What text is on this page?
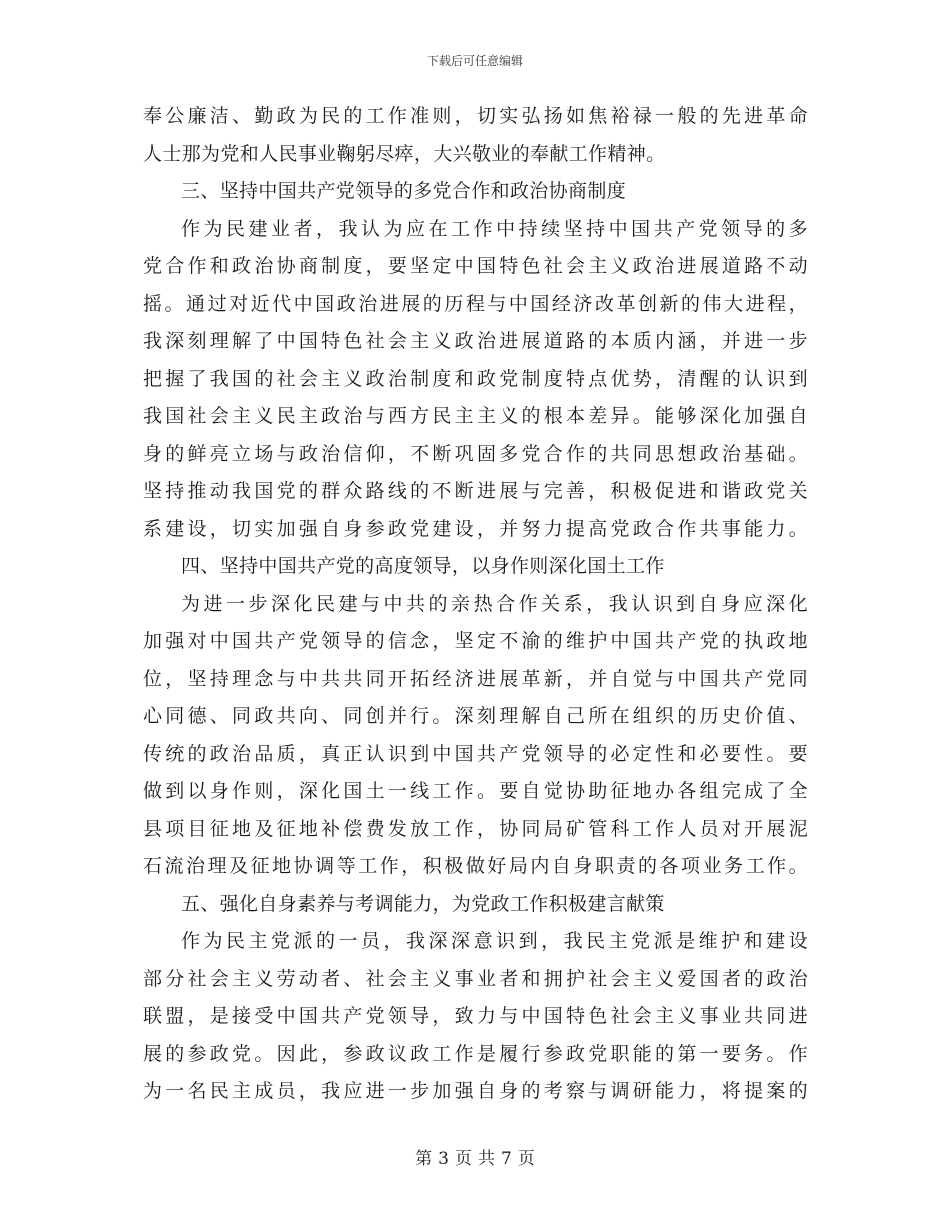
下载后可任意编辑
奉公廉洁、勤政为民的工作准则，切实弘扬如焦裕禄一般的先进革命
人士那为党和人民事业鞠躬尽瘁，大兴敬业的奉献工作精神。
三、坚持中国共产党领导的多党合作和政治协商制度
作为民建业者，我认为应在工作中持续坚持中国共产党领导的多
党合作和政治协商制度，要坚定中国特色社会主义政治进展道路不动
摇。通过对近代中国政治进展的历程与中国经济改革创新的伟大进程，
我深刻理解了中国特色社会主义政治进展道路的本质内涵，并进一步
把握了我国的社会主义政治制度和政党制度特点优势，清醒的认识到
我国社会主义民主政治与西方民主主义的根本差异。能够深化加强自
身的鲜亮立场与政治信仰，不断巩固多党合作的共同思想政治基础。
坚持推动我国党的群众路线的不断进展与完善，积极促进和谐政党关
系建设，切实加强自身参政党建设，并努力提高党政合作共事能力。
四、坚持中国共产党的高度领导，以身作则深化国土工作
为进一步深化民建与中共的亲热合作关系，我认识到自身应深化
加强对中国共产党领导的信念，坚定不渝的维护中国共产党的执政地
位，坚持理念与中共共同开拓经济进展革新，并自觉与中国共产党同
心同德、同政共向、同创并行。深刻理解自己所在组织的历史价值、
传统的政治品质，真正认识到中国共产党领导的必定性和必要性。要
做到以身作则，深化国土一线工作。要自觉协助征地办各组完成了全
县项目征地及征地补偿费发放工作，协同局矿管科工作人员对开展泥
石流治理及征地协调等工作，积极做好局内自身职责的各项业务工作。
五、强化自身素养与考调能力，为党政工作积极建言献策
作为民主党派的一员，我深深意识到，我民主党派是维护和建设
部分社会主义劳动者、社会主义事业者和拥护社会主义爱国者的政治
联盟，是接受中国共产党领导，致力与中国特色社会主义事业共同进
展的参政党。因此，参政议政工作是履行参政党职能的第一要务。作
为一名民主成员，我应进一步加强自身的考察与调研能力，将提案的
第 3 页 共 7 页
